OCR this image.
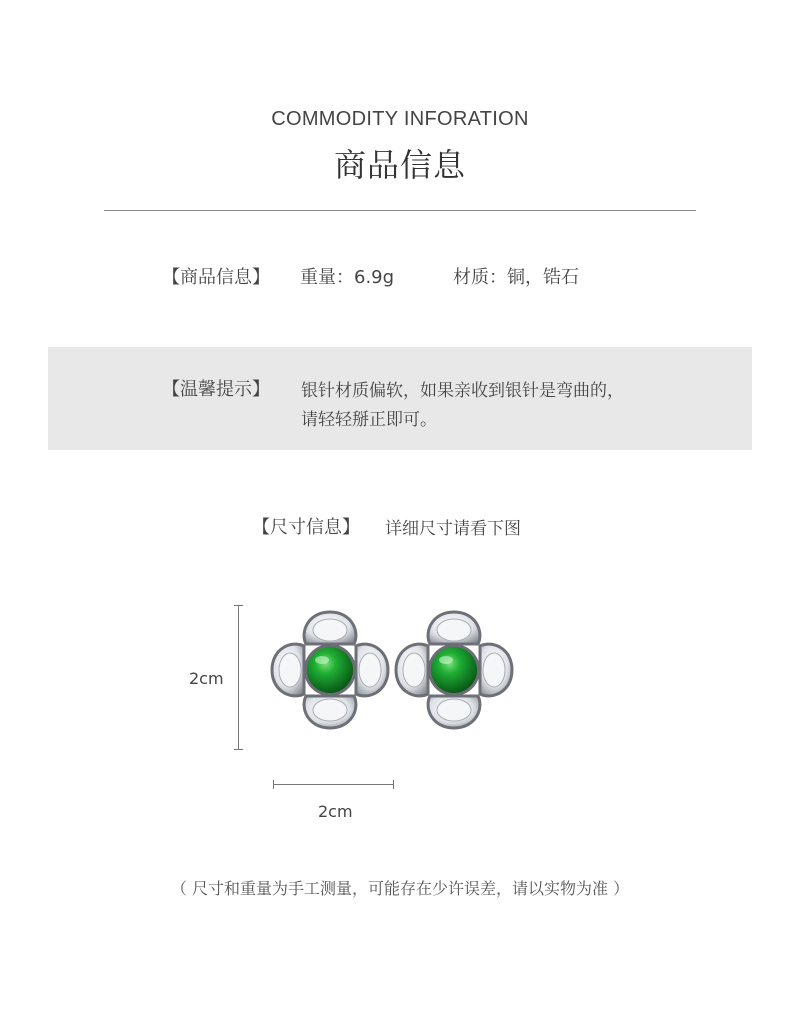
COMMODITY INFORATION
商品信息
【商品信息】 重量：6.9g	材质：铜，锆石
【温馨提示】 银针材质偏软，如果亲收到银针是弯曲的，
请轻轻掰正即可。
【尺寸信息】 详细尺寸请看下图
2cm
2cm
（ 尺寸和重量为手工测量，可能存在少许误差，请以实物为准 ）
